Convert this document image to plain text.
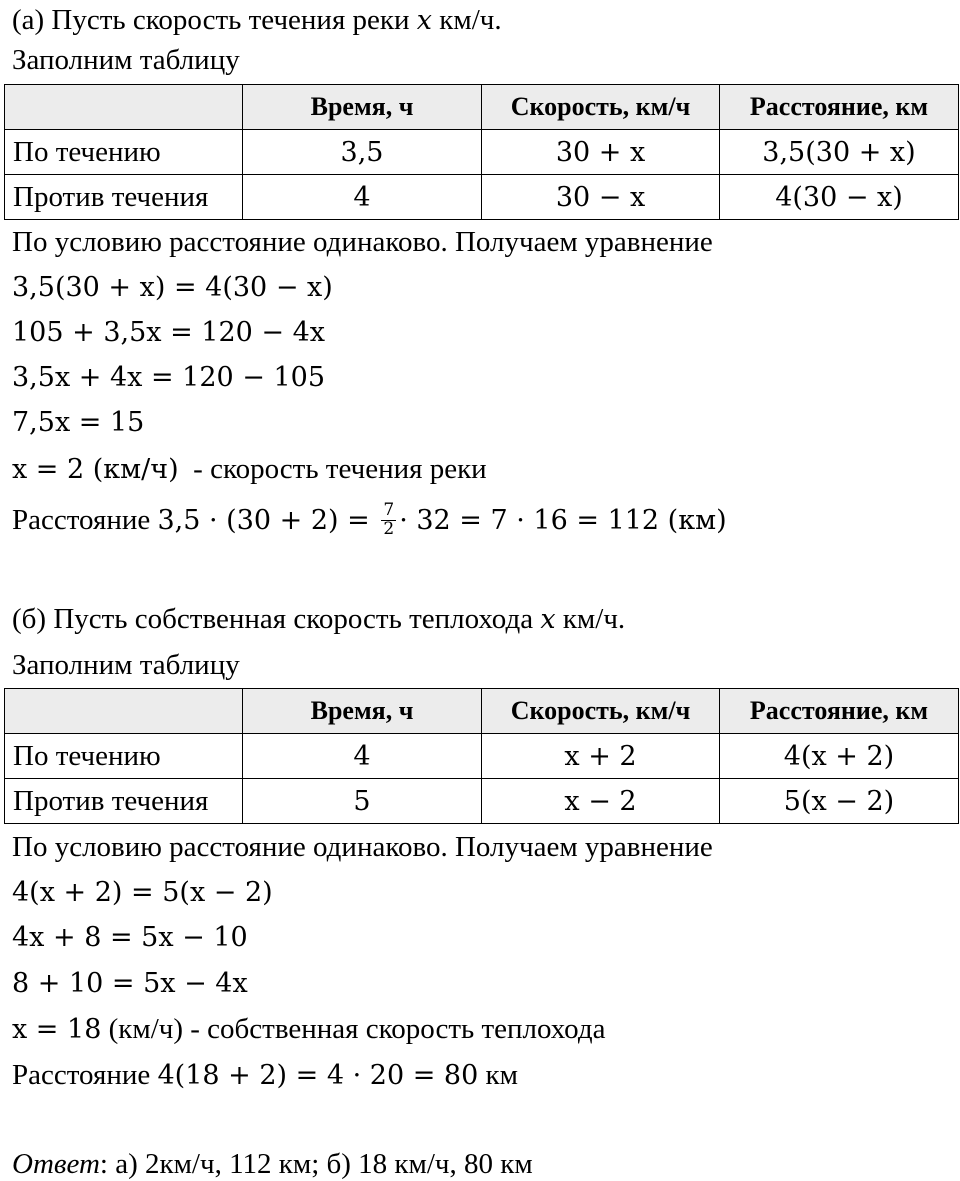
(а) Пусть скорость течения реки x км/ч.
Заполним таблицу
	Время, ч	Скорость, км/ч	Расстояние, км
По течению	3,5	30 + x	3,5(30 + x)
Против течения	4	30 − x	4(30 − x)
По условию расстояние одинаково. Получаем уравнение
3,5(30 + x) = 4(30 − x)
105 + 3,5x = 120 − 4x
3,5x + 4x = 120 − 105
7,5x = 15
x = 2 (км/ч)  - скорость течения реки
Расстояние $3,5 \cdot (30 + 2) = \frac{7}{2} \cdot 32 = 7 \cdot 16 = 112$ (км)
(б) Пусть собственная скорость теплохода x км/ч.
Заполним таблицу
	Время, ч	Скорость, км/ч	Расстояние, км
По течению	4	x + 2	4(x + 2)
Против течения	5	x − 2	5(x − 2)
По условию расстояние одинаково. Получаем уравнение
4(x + 2) = 5(x − 2)
4x + 8 = 5x − 10
8 + 10 = 5x − 4x
x = 18 (км/ч) - собственная скорость теплохода
Расстояние 4(18 + 2) = 4 · 20 = 80 км
Ответ: а) 2км/ч, 112 км; б) 18 км/ч, 80 км
